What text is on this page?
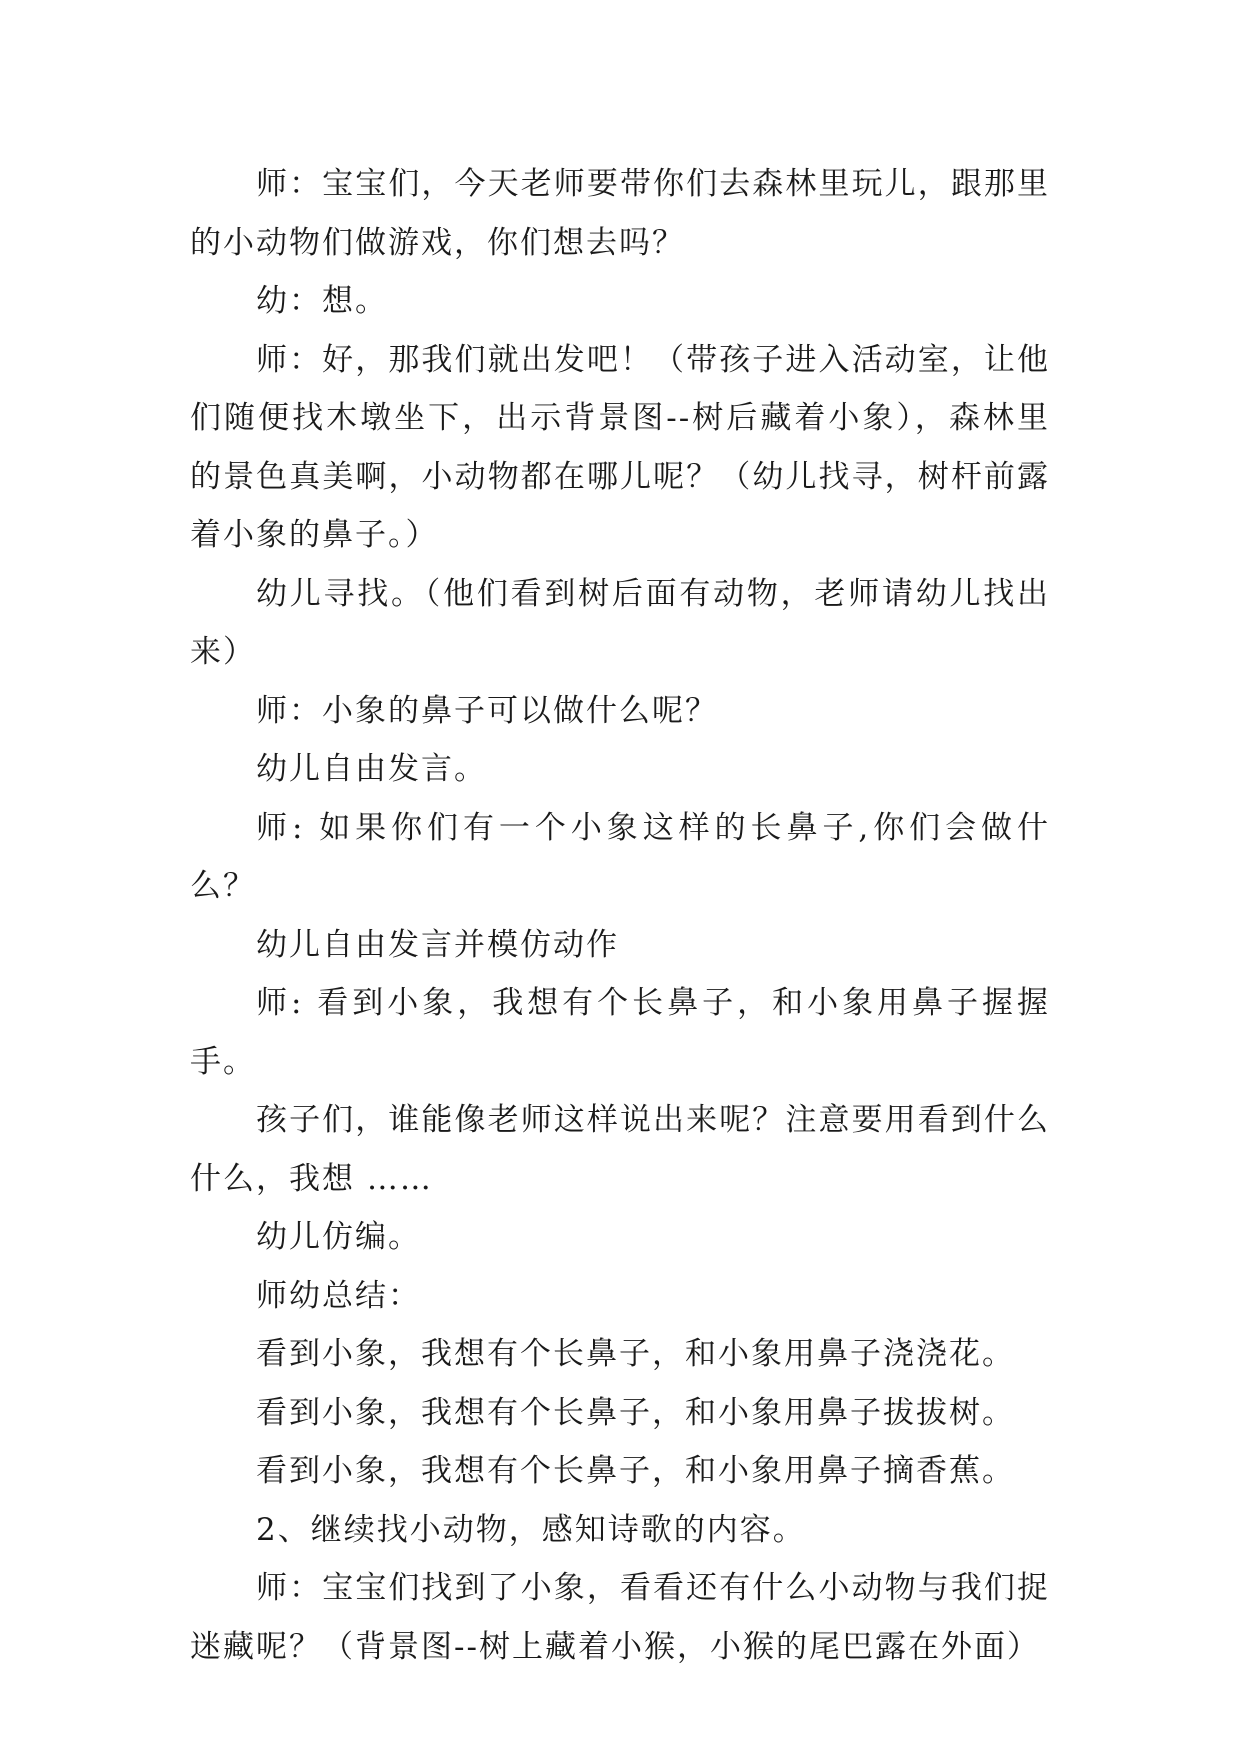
师：宝宝们，今天老师要带你们去森林里玩儿，跟那里的小动物们做游戏，你们想去吗？

幼：想。

师：好，那我们就出发吧！（带孩子进入活动室，让他们随便找木墩坐下，出示背景图--树后藏着小象），森林里的景色真美啊，小动物都在哪儿呢？（幼儿找寻，树杆前露着小象的鼻子。）

幼儿寻找。（他们看到树后面有动物，老师请幼儿找出来）

师：小象的鼻子可以做什么呢？

幼儿自由发言。

师: 如果你们有一个小象这样的长鼻子,你们会做什么？

幼儿自由发言并模仿动作

师: 看到小象，我想有个长鼻子，和小象用鼻子握握手。

孩子们，谁能像老师这样说出来呢？注意要用看到什么什么，我想 ……

幼儿仿编。

师幼总结：

看到小象，我想有个长鼻子，和小象用鼻子浇浇花。

看到小象，我想有个长鼻子，和小象用鼻子拔拔树。

看到小象，我想有个长鼻子，和小象用鼻子摘香蕉。

2、继续找小动物，感知诗歌的内容。

师：宝宝们找到了小象，看看还有什么小动物与我们捉迷藏呢？（背景图--树上藏着小猴，小猴的尾巴露在外面）
